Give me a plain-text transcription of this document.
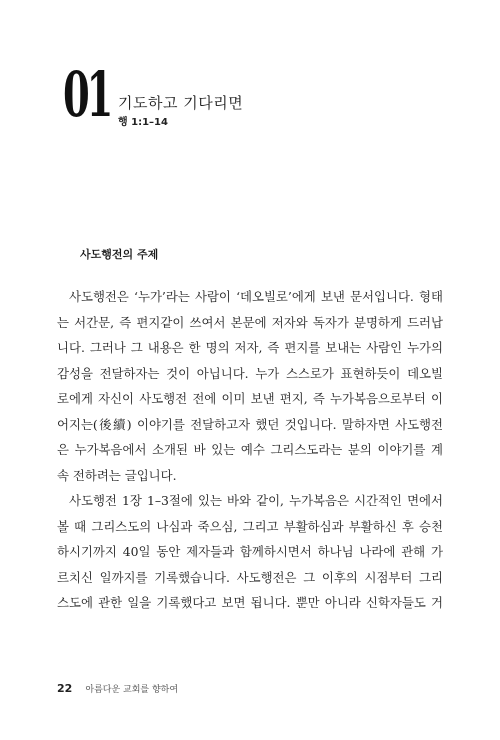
01 기도하고 기다리면
행 1:1–14
사도행전의 주제
사도행전은 ‘누가’라는 사람이 ‘데오빌로’에게 보낸 문서입니다. 형태
는 서간문, 즉 편지같이 쓰여서 본문에 저자와 독자가 분명하게 드러납
니다. 그러나 그 내용은 한 명의 저자, 즉 편지를 보내는 사람인 누가의
감성을 전달하자는 것이 아닙니다. 누가 스스로가 표현하듯이 데오빌
로에게 자신이 사도행전 전에 이미 보낸 편지, 즉 누가복음으로부터 이
어지는(後續) 이야기를 전달하고자 했던 것입니다. 말하자면 사도행전
은 누가복음에서 소개된 바 있는 예수 그리스도라는 분의 이야기를 계
속 전하려는 글입니다.
사도행전 1장 1–3절에 있는 바와 같이, 누가복음은 시간적인 면에서
볼 때 그리스도의 나심과 죽으심, 그리고 부활하심과 부활하신 후 승천
하시기까지 40일 동안 제자들과 함께하시면서 하나님 나라에 관해 가
르치신 일까지를 기록했습니다. 사도행전은 그 이후의 시점부터 그리
스도에 관한 일을 기록했다고 보면 됩니다. 뿐만 아니라 신학자들도 거
22 아름다운 교회를 향하여
